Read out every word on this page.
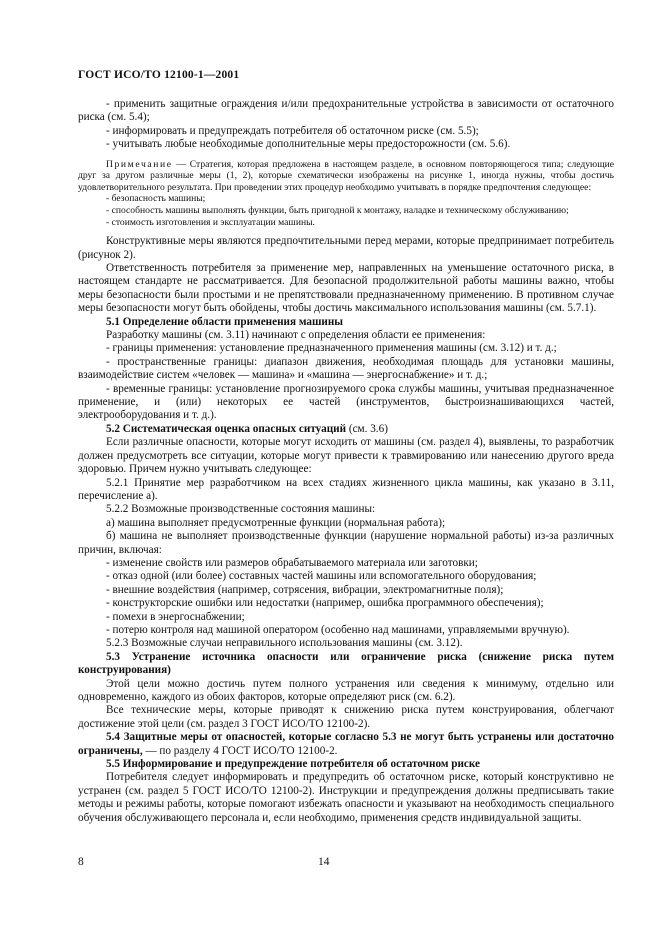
ГОСТ ИСО/ТО 12100-1—2001

- применить защитные ограждения и/или предохранительные устройства в зависимости от остаточного риска (см. 5.4);

- информировать и предупреждать потребителя об остаточном риске (см. 5.5);

- учитывать любые необходимые дополнительные меры предосторожности (см. 5.6).

Примечание — Стратегия, которая предложена в настоящем разделе, в основном повторяющегося типа; следующие друг за другом различные меры (1, 2), которые схематически изображены на рисунке 1, иногда нужны, чтобы достичь удовлетворительного результата. При проведении этих процедур необходимо учитывать в порядке предпочтения следующее:

- безопасность машины;

- способность машины выполнять функции, быть пригодной к монтажу, наладке и техническому обслуживанию;

- стоимость изготовления и эксплуатации машины.

Конструктивные меры являются предпочтительными перед мерами, которые предпринимает потребитель (рисунок 2).

Ответственность потребителя за применение мер, направленных на уменьшение остаточного риска, в настоящем стандарте не рассматривается. Для безопасной продолжительной работы машины важно, чтобы меры безопасности были простыми и не препятствовали предназначенному применению. В противном случае меры безопасности могут быть обойдены, чтобы достичь максимального использования машины (см. 5.7.1).

5.1 Определение области применения машины

Разработку машины (см. 3.11) начинают с определения области ее применения:

- границы применения: установление предназначенного применения машины (см. 3.12) и т. д.;

- пространственные границы: диапазон движения, необходимая площадь для установки машины, взаимодействие систем «человек — машина» и «машина — энергоснабжение» и т. д.;

- временные границы: установление прогнозируемого срока службы машины, учитывая предназначенное применение, и (или) некоторых ее частей (инструментов, быстроизнашивающихся частей, электрооборудования и т. д.).

5.2 Систематическая оценка опасных ситуаций (см. 3.6)

Если различные опасности, которые могут исходить от машины (см. раздел 4), выявлены, то разработчик должен предусмотреть все ситуации, которые могут привести к травмированию или нанесению другого вреда здоровью. Причем нужно учитывать следующее:

5.2.1 Принятие мер разработчиком на всех стадиях жизненного цикла машины, как указано в 3.11, перечисление а).

5.2.2 Возможные производственные состояния машины:

а) машина выполняет предусмотренные функции (нормальная работа);

б) машина не выполняет производственные функции (нарушение нормальной работы) из-за различных причин, включая:

- изменение свойств или размеров обрабатываемого материала или заготовки;

- отказ одной (или более) составных частей машины или вспомогательного оборудования;

- внешние воздействия (например, сотрясения, вибрации, электромагнитные поля);

- конструкторские ошибки или недостатки (например, ошибка программного обеспечения);

- помехи в энергоснабжении;

- потерю контроля над машиной оператором (особенно над машинами, управляемыми вручную).

5.2.3 Возможные случаи неправильного использования машины (см. 3.12).

5.3 Устранение источника опасности или ограничение риска (снижение риска путем конструирования)

Этой цели можно достичь путем полного устранения или сведения к минимуму, отдельно или одновременно, каждого из обоих факторов, которые определяют риск (см. 6.2).

Все технические меры, которые приводят к снижению риска путем конструирования, облегчают достижение этой цели (см. раздел 3 ГОСТ ИСО/ТО 12100-2).

5.4 Защитные меры от опасностей, которые согласно 5.3 не могут быть устранены или достаточно ограничены, — по разделу 4 ГОСТ ИСО/ТО 12100-2.

5.5 Информирование и предупреждение потребителя об остаточном риске

Потребителя следует информировать и предупредить об остаточном риске, который конструктивно не устранен (см. раздел 5 ГОСТ ИСО/ТО 12100-2). Инструкции и предупреждения должны предписывать такие методы и режимы работы, которые помогают избежать опасности и указывают на необходимость специального обучения обслуживающего персонала и, если необходимо, применения средств индивидуальной защиты.

8	14
